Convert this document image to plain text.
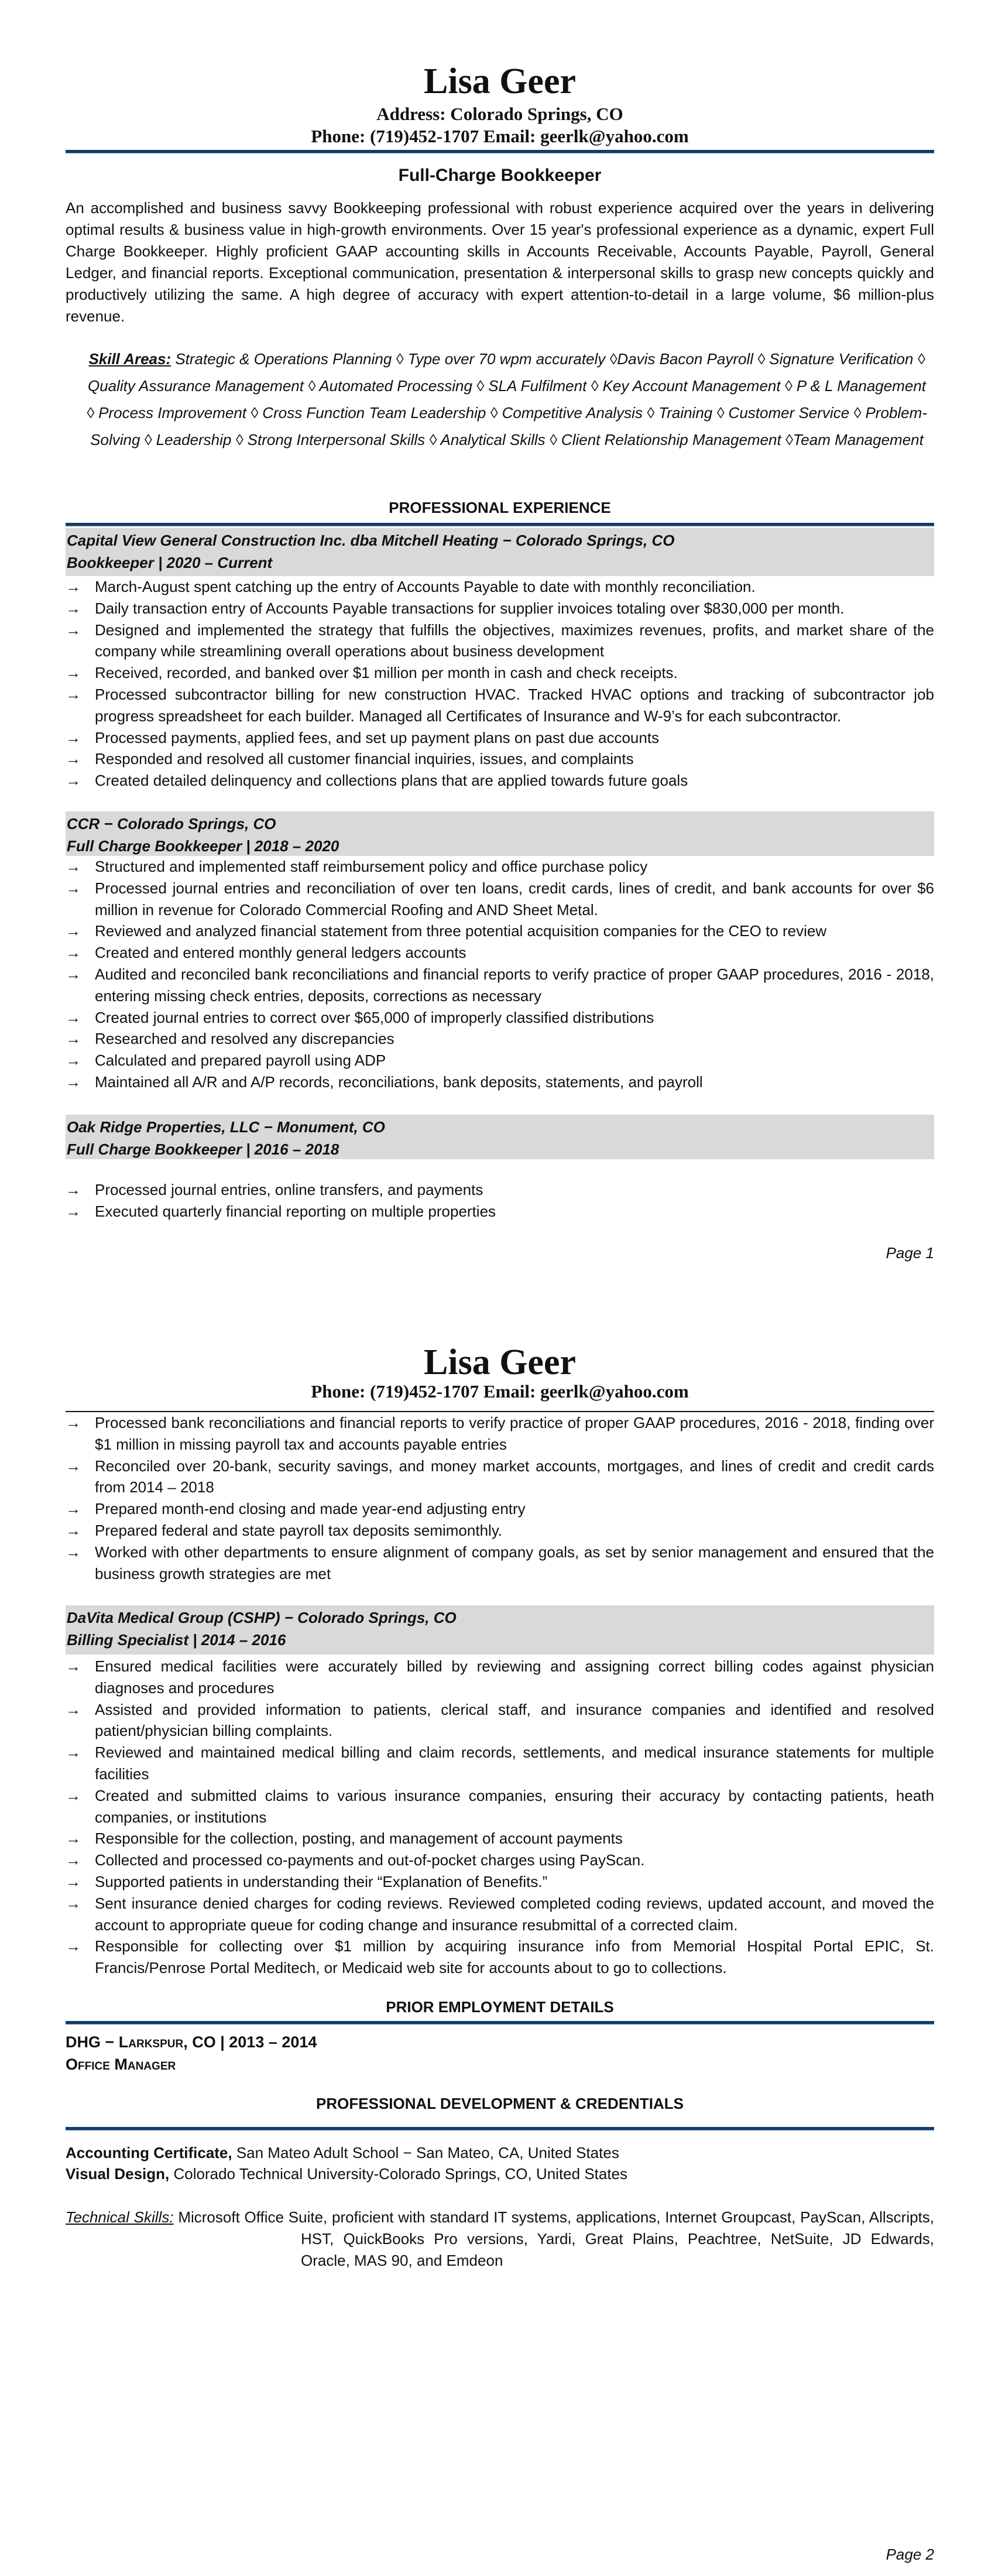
Lisa Geer
Address: Colorado Springs, CO
Phone: (719)452-1707 Email: geerlk@yahoo.com
Full-Charge Bookkeeper
An accomplished and business savvy Bookkeeping professional with robust experience acquired over the years in delivering optimal results & business value in high-growth environments. Over 15 year's professional experience as a dynamic, expert Full Charge Bookkeeper. Highly proficient GAAP accounting skills in Accounts Receivable, Accounts Payable, Payroll, General Ledger, and financial reports. Exceptional communication, presentation & interpersonal skills to grasp new concepts quickly and productively utilizing the same. A high degree of accuracy with expert attention-to-detail in a large volume, $6 million-plus revenue.
Skill Areas: Strategic & Operations Planning ◊ Type over 70 wpm accurately ◊Davis Bacon Payroll ◊ Signature Verification ◊ Quality Assurance Management ◊ Automated Processing ◊ SLA Fulfilment ◊ Key Account Management ◊ P & L Management ◊ Process Improvement ◊ Cross Function Team Leadership ◊ Competitive Analysis ◊ Training ◊ Customer Service ◊ Problem-Solving ◊ Leadership ◊ Strong Interpersonal Skills ◊ Analytical Skills ◊ Client Relationship Management ◊Team Management
PROFESSIONAL EXPERIENCE
Capital View General Construction Inc. dba Mitchell Heating − Colorado Springs, CO
Bookkeeper | 2020 – Current
→ March-August spent catching up the entry of Accounts Payable to date with monthly reconciliation.
→ Daily transaction entry of Accounts Payable transactions for supplier invoices totaling over $830,000 per month.
→ Designed and implemented the strategy that fulfills the objectives, maximizes revenues, profits, and market share of the company while streamlining overall operations about business development
→ Received, recorded, and banked over $1 million per month in cash and check receipts.
→ Processed subcontractor billing for new construction HVAC. Tracked HVAC options and tracking of subcontractor job progress spreadsheet for each builder. Managed all Certificates of Insurance and W-9’s for each subcontractor.
→ Processed payments, applied fees, and set up payment plans on past due accounts
→ Responded and resolved all customer financial inquiries, issues, and complaints
→ Created detailed delinquency and collections plans that are applied towards future goals
CCR − Colorado Springs, CO
Full Charge Bookkeeper | 2018 – 2020
→ Structured and implemented staff reimbursement policy and office purchase policy
→ Processed journal entries and reconciliation of over ten loans, credit cards, lines of credit, and bank accounts for over $6 million in revenue for Colorado Commercial Roofing and AND Sheet Metal.
→ Reviewed and analyzed financial statement from three potential acquisition companies for the CEO to review
→ Created and entered monthly general ledgers accounts
→ Audited and reconciled bank reconciliations and financial reports to verify practice of proper GAAP procedures, 2016 - 2018, entering missing check entries, deposits, corrections as necessary
→ Created journal entries to correct over $65,000 of improperly classified distributions
→ Researched and resolved any discrepancies
→ Calculated and prepared payroll using ADP
→ Maintained all A/R and A/P records, reconciliations, bank deposits, statements, and payroll
Oak Ridge Properties, LLC − Monument, CO
Full Charge Bookkeeper | 2016 – 2018
→ Processed journal entries, online transfers, and payments
→ Executed quarterly financial reporting on multiple properties
Page 1
Lisa Geer
Phone: (719)452-1707 Email: geerlk@yahoo.com
→ Processed bank reconciliations and financial reports to verify practice of proper GAAP procedures, 2016 - 2018, finding over $1 million in missing payroll tax and accounts payable entries
→ Reconciled over 20-bank, security savings, and money market accounts, mortgages, and lines of credit and credit cards from 2014 – 2018
→ Prepared month-end closing and made year-end adjusting entry
→ Prepared federal and state payroll tax deposits semimonthly.
→ Worked with other departments to ensure alignment of company goals, as set by senior management and ensured that the business growth strategies are met
DaVita Medical Group (CSHP) − Colorado Springs, CO
Billing Specialist | 2014 – 2016
→ Ensured medical facilities were accurately billed by reviewing and assigning correct billing codes against physician diagnoses and procedures
→ Assisted and provided information to patients, clerical staff, and insurance companies and identified and resolved patient/physician billing complaints.
→ Reviewed and maintained medical billing and claim records, settlements, and medical insurance statements for multiple facilities
→ Created and submitted claims to various insurance companies, ensuring their accuracy by contacting patients, heath companies, or institutions
→ Responsible for the collection, posting, and management of account payments
→ Collected and processed co-payments and out-of-pocket charges using PayScan.
→ Supported patients in understanding their “Explanation of Benefits.”
→ Sent insurance denied charges for coding reviews. Reviewed completed coding reviews, updated account, and moved the account to appropriate queue for coding change and insurance resubmittal of a corrected claim.
→ Responsible for collecting over $1 million by acquiring insurance info from Memorial Hospital Portal EPIC, St. Francis/Penrose Portal Meditech, or Medicaid web site for accounts about to go to collections.
PRIOR EMPLOYMENT DETAILS
DHG − Larkspur, CO | 2013 – 2014
Office Manager
PROFESSIONAL DEVELOPMENT & CREDENTIALS
Accounting Certificate, San Mateo Adult School − San Mateo, CA, United States
Visual Design, Colorado Technical University-Colorado Springs, CO, United States
Technical Skills: Microsoft Office Suite, proficient with standard IT systems, applications, Internet Groupcast, PayScan, Allscripts, HST, QuickBooks Pro versions, Yardi, Great Plains, Peachtree, NetSuite, JD Edwards, Oracle, MAS 90, and Emdeon
Page 2
